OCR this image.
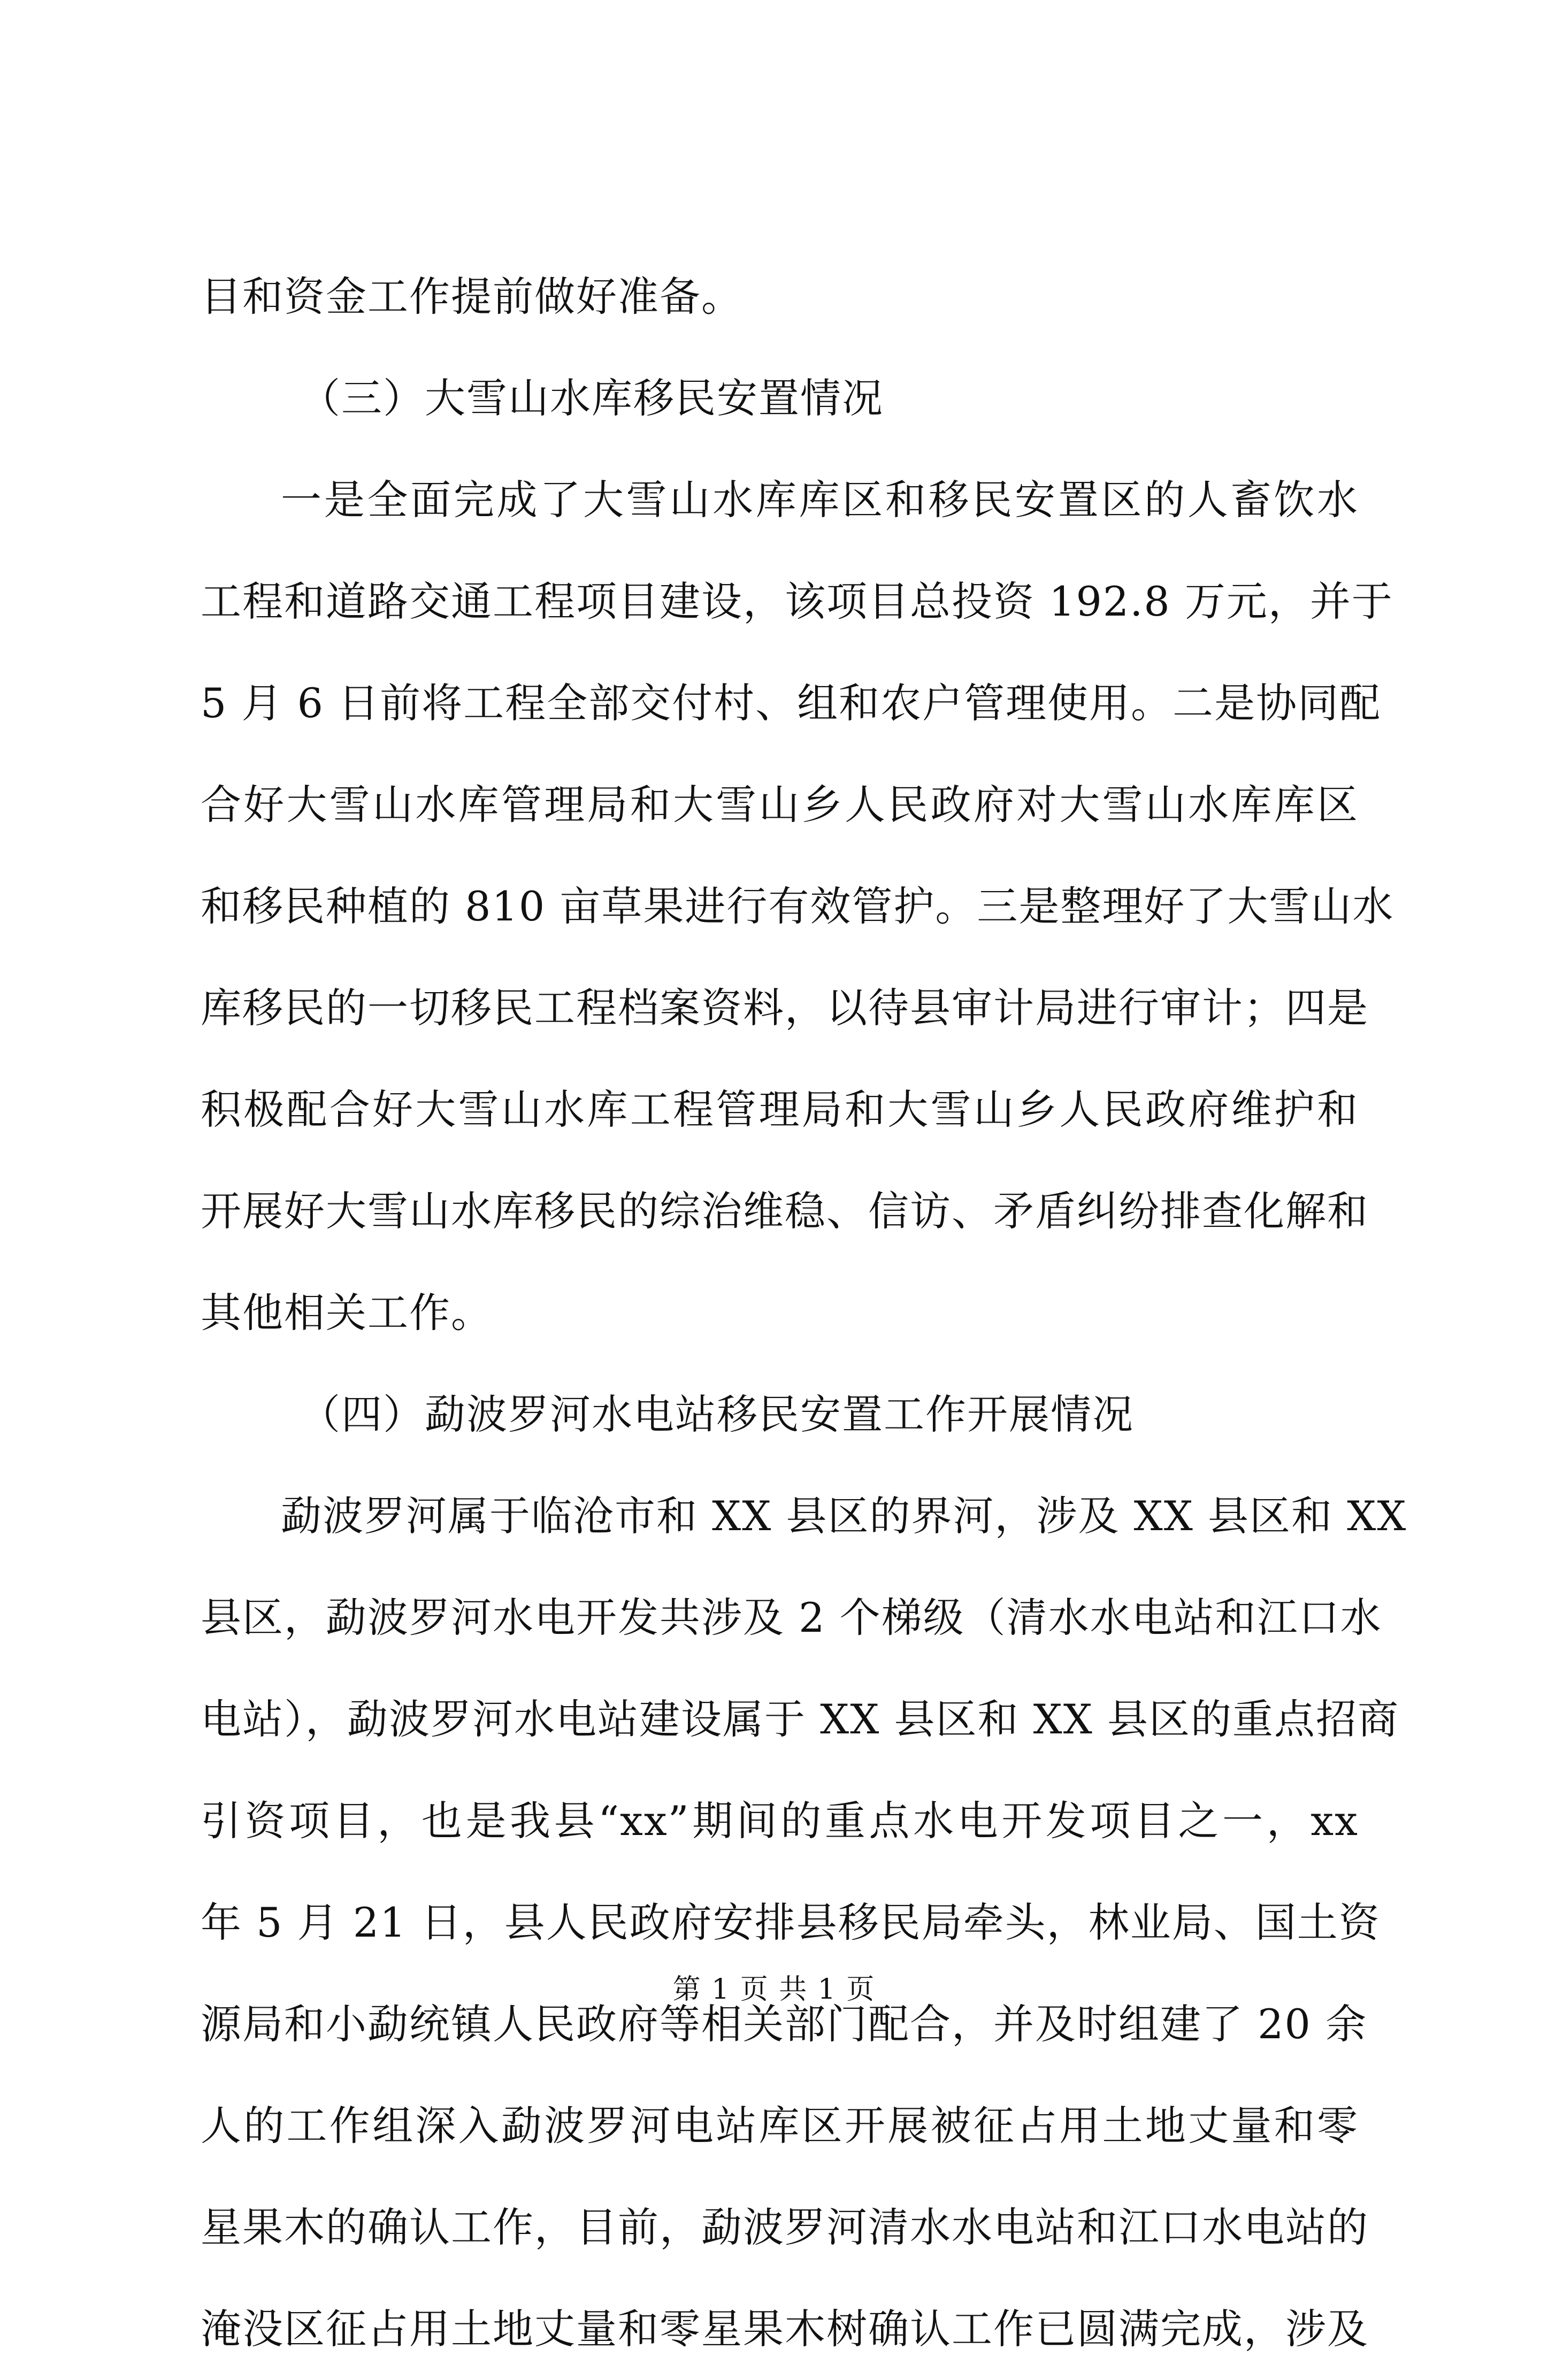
目和资金工作提前做好准备。
（三）大雪山水库移民安置情况
一是全面完成了大雪山水库库区和移民安置区的人畜饮水
工程和道路交通工程项目建设，该项目总投资 192.8 万元，并于
5 月 6 日前将工程全部交付村、组和农户管理使用。二是协同配
合好大雪山水库管理局和大雪山乡人民政府对大雪山水库库区
和移民种植的 810 亩草果进行有效管护。三是整理好了大雪山水
库移民的一切移民工程档案资料，以待县审计局进行审计；四是
积极配合好大雪山水库工程管理局和大雪山乡人民政府维护和
开展好大雪山水库移民的综治维稳、信访、矛盾纠纷排查化解和
其他相关工作。
（四）勐波罗河水电站移民安置工作开展情况
勐波罗河属于临沧市和 XX 县区的界河，涉及 XX 县区和 XX
县区，勐波罗河水电开发共涉及 2 个梯级（清水水电站和江口水
电站），勐波罗河水电站建设属于 XX 县区和 XX 县区的重点招商
引资项目，也是我县“xx”期间的重点水电开发项目之一，xx
年 5 月 21 日，县人民政府安排县移民局牵头，林业局、国土资
源局和小勐统镇人民政府等相关部门配合，并及时组建了 20 余
人的工作组深入勐波罗河电站库区开展被征占用土地丈量和零
星果木的确认工作，目前，勐波罗河清水水电站和江口水电站的
淹没区征占用土地丈量和零星果木树确认工作已圆满完成，涉及
第 1 页 共 1 页
